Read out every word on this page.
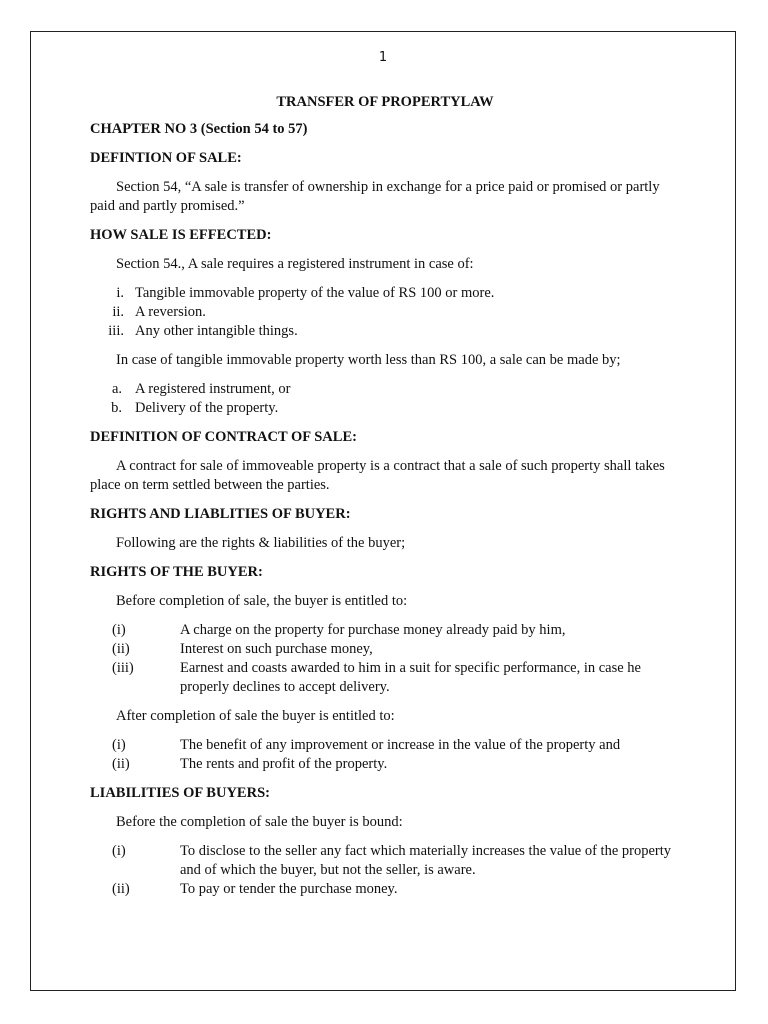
1
TRANSFER OF PROPERTYLAW
CHAPTER NO 3 (Section 54 to 57)
DEFINTION OF SALE:

Section 54, “A sale is transfer of ownership in exchange for a price paid or promised or partly paid and partly promised.”

HOW SALE IS EFFECTED:

Section 54., A sale requires a registered instrument in case of:

i. Tangible immovable property of the value of RS 100 or more.
ii. A reversion.
iii. Any other intangible things.

In case of tangible immovable property worth less than RS 100, a sale can be made by;

a. A registered instrument, or
b. Delivery of the property.
DEFINITION OF CONTRACT OF SALE:

A contract for sale of immoveable property is a contract that a sale of such property shall takes place on term settled between the parties.

RIGHTS AND LIABLITIES OF BUYER:

Following are the rights & liabilities of the buyer;

RIGHTS OF THE BUYER:

Before completion of sale, the buyer is entitled to:

(i)	A charge on the property for purchase money already paid by him,
(ii)	Interest on such purchase money,
(iii)	Earnest and coasts awarded to him in a suit for specific performance, in case he properly declines to accept delivery.

After completion of sale the buyer is entitled to:

(i)	The benefit of any improvement or increase in the value of the property and
(ii)	The rents and profit of the property.
LIABILITIES OF BUYERS:

Before the completion of sale the buyer is bound:

(i)	To disclose to the seller any fact which materially increases the value of the property and of which the buyer, but not the seller, is aware.
(ii)	To pay or tender the purchase money.
